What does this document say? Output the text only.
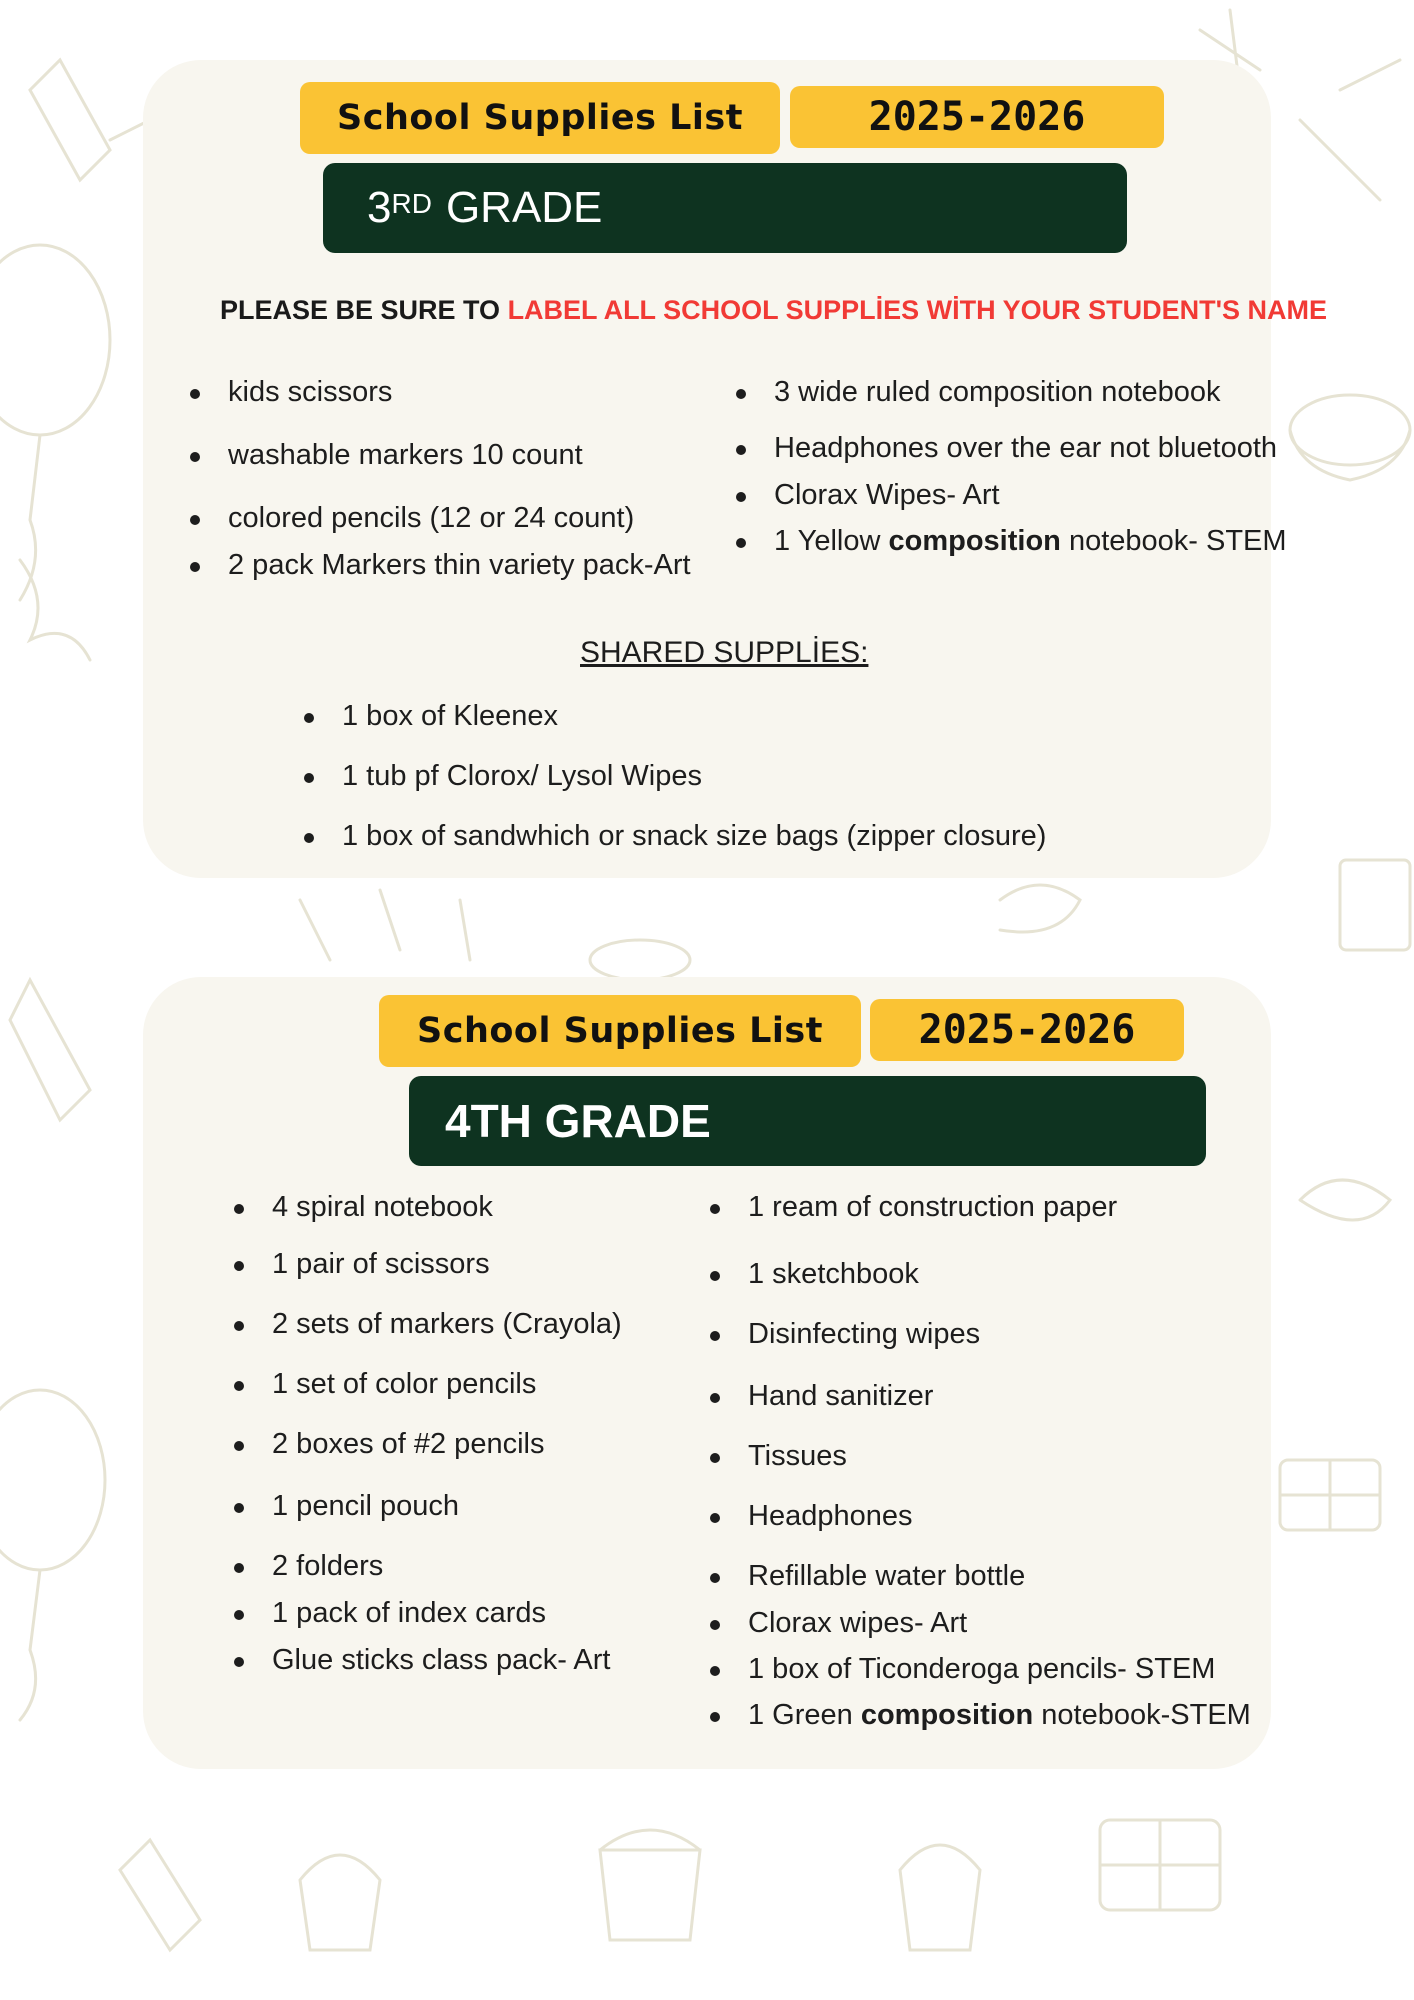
School Supplies List	2025-2026
3RD GRADE
PLEASE BE SURE TO LABEL ALL SCHOOL SUPPLİES WİTH YOUR STUDENT'S NAME
kids scissors
washable markers 10 count
colored pencils (12 or 24 count)
2 pack Markers thin variety pack-Art
3 wide ruled composition notebook
Headphones over the ear not bluetooth
Clorax Wipes- Art
1 Yellow composition notebook- STEM
SHARED SUPPLİES:
1 box of Kleenex
1 tub pf Clorox/ Lysol Wipes
1 box of sandwhich or snack size bags (zipper closure)
School Supplies List	2025-2026
4TH GRADE
4 spiral notebook
1 pair of scissors
2 sets of markers (Crayola)
1 set of color pencils
2 boxes of #2 pencils
1 pencil pouch
2 folders
1 pack of index cards
Glue sticks class pack- Art
1 ream of construction paper
1 sketchbook
Disinfecting wipes
Hand sanitizer
Tissues
Headphones
Refillable water bottle
Clorax wipes- Art
1 box of Ticonderoga pencils- STEM
1 Green composition notebook-STEM
